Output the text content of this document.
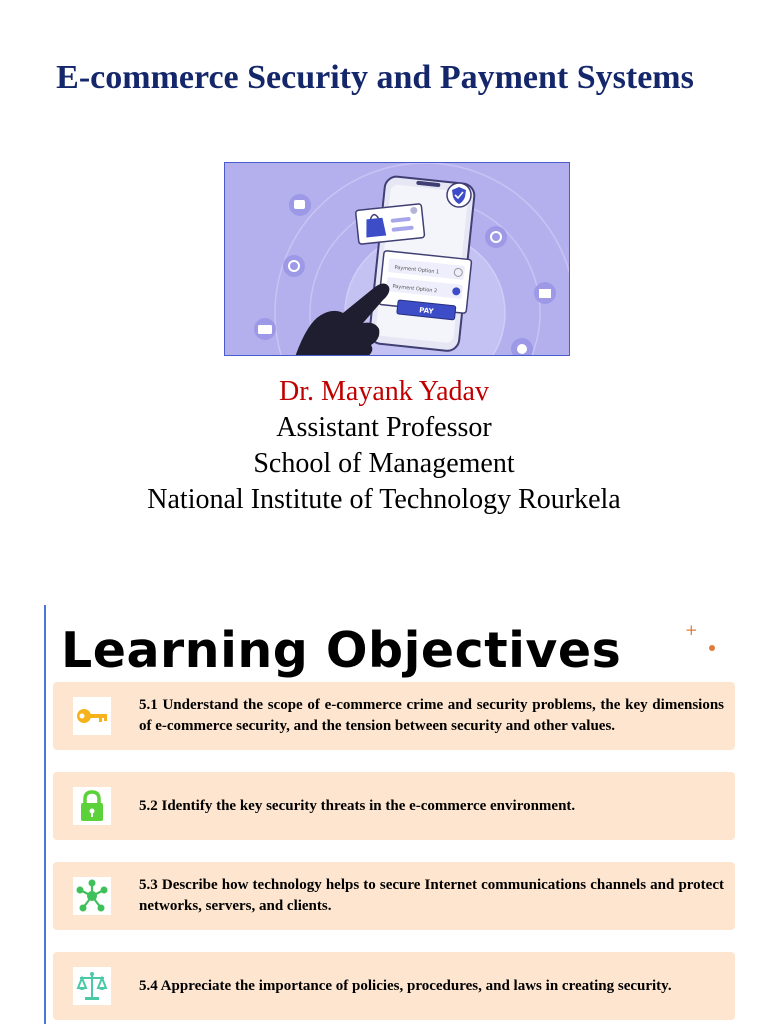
E-commerce Security and Payment Systems
Payment Option 1
Payment Option 2
PAY
Dr. Mayank Yadav
Assistant Professor
School of Management
National Institute of Technology Rourkela
Learning Objectives	+
5.1 Understand the scope of e-commerce crime and security problems, the key dimensions of e-commerce security, and the tension between security and other values.
5.2 Identify the key security threats in the e-commerce environment.
5.3 Describe how technology helps to secure Internet communications channels and protect networks, servers, and clients.
5.4 Appreciate the importance of policies, procedures, and laws in creating security.
